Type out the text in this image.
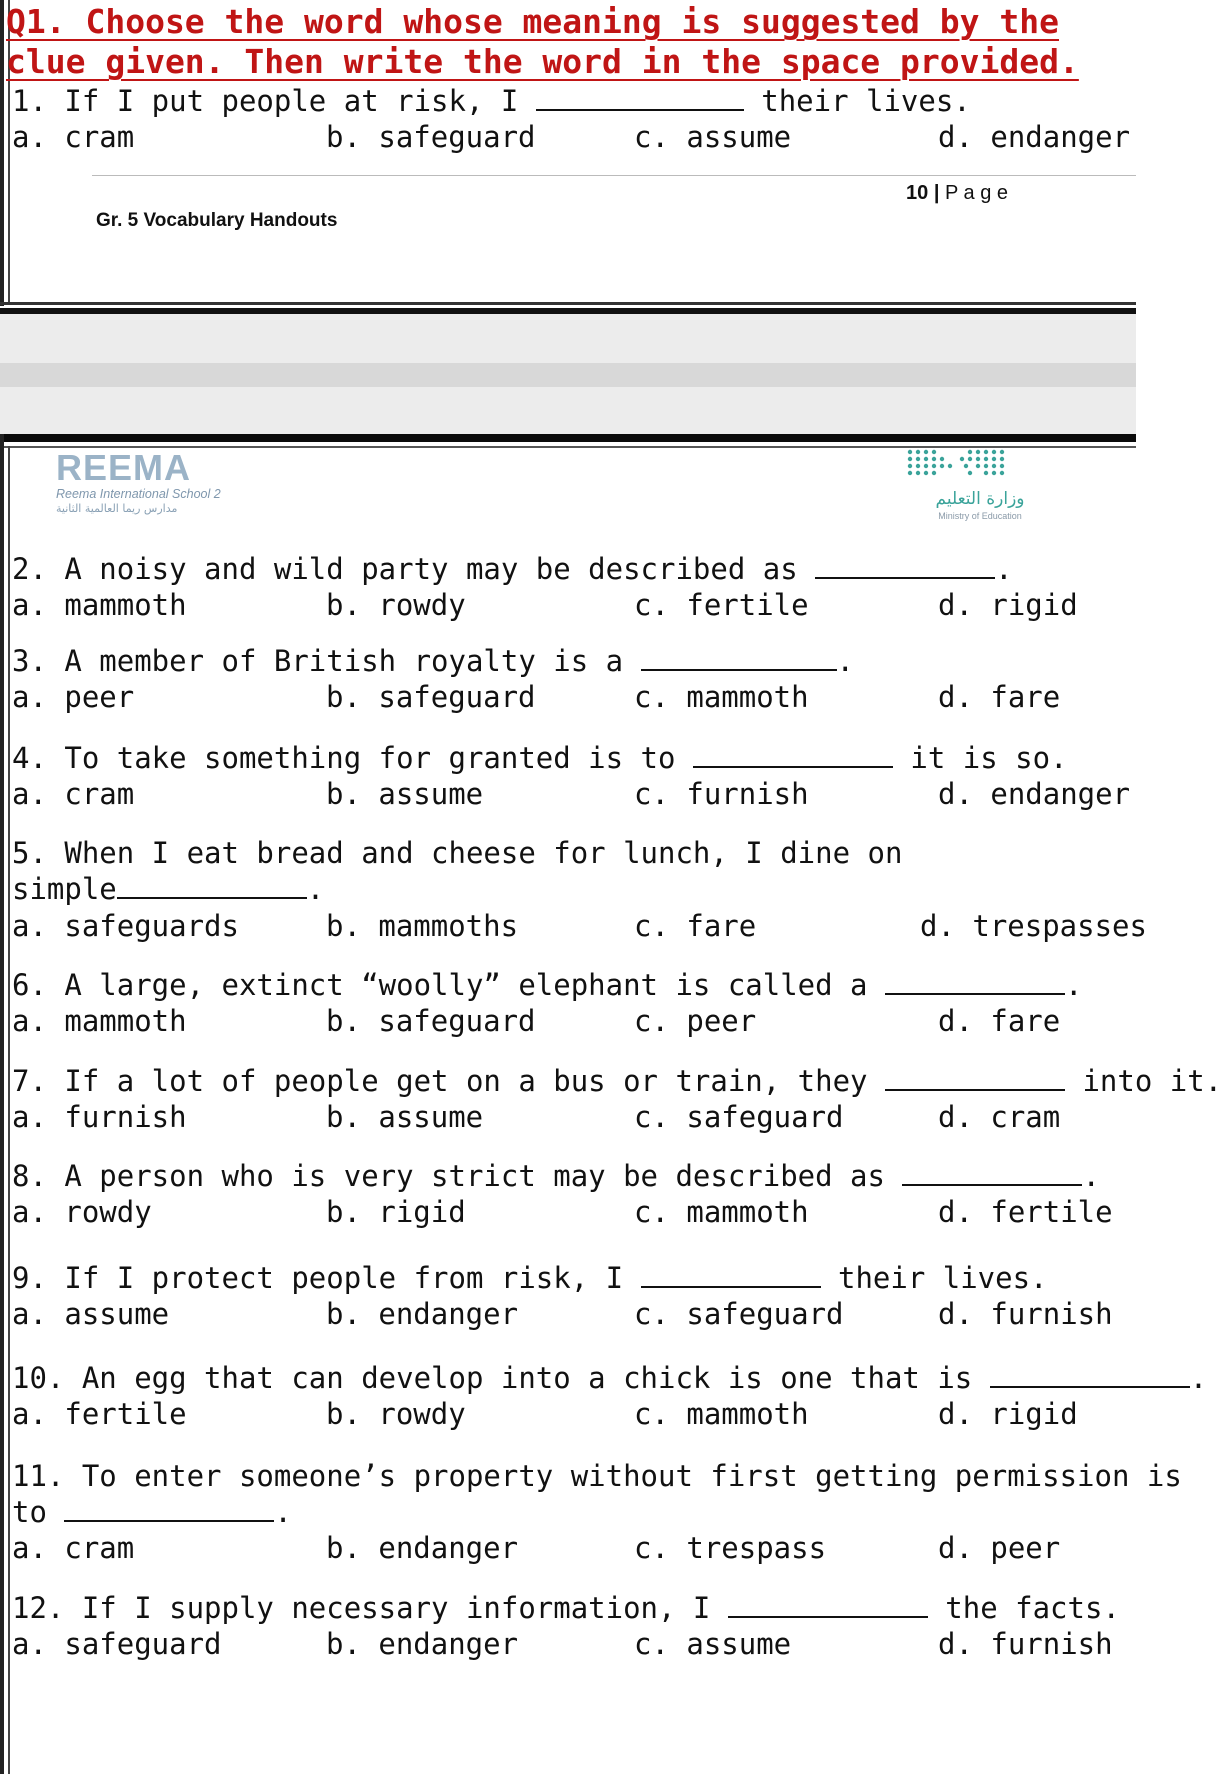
Q1. Choose the word whose meaning is suggested by the
clue given. Then write the word in the space provided.
1. If I put people at risk, I	their lives.
a. cram	b. safeguard	c. assume	d. endanger
10 | P a g e
Gr. 5 Vocabulary Handouts
REEMA
Reema International School 2
مدارس ريما العالمية الثانية	وزارة التعليم
Ministry of Education
2. A noisy and wild party may be described as	.
a. mammoth	b. rowdy	c. fertile	d. rigid
3. A member of British royalty is a	.
a. peer	b. safeguard	c. mammoth	d. fare
4. To take something for granted is to	it is so.
a. cram	b. assume	c. furnish	d. endanger
5. When I eat bread and cheese for lunch, I dine on
simple	.
a. safeguards	b. mammoths	c. fare	d. trespasses
6. A large, extinct “woolly” elephant is called a	.
a. mammoth	b. safeguard	c. peer	d. fare
7. If a lot of people get on a bus or train, they	into it.
a. furnish	b. assume	c. safeguard	d. cram
8. A person who is very strict may be described as	.
a. rowdy	b. rigid	c. mammoth	d. fertile
9. If I protect people from risk, I	their lives.
a. assume	b. endanger	c. safeguard	d. furnish
10. An egg that can develop into a chick is one that is	.
a. fertile	b. rowdy	c. mammoth	d. rigid
11. To enter someone’s property without first getting permission is
to	.
a. cram	b. endanger	c. trespass	d. peer
12. If I supply necessary information, I	the facts.
a. safeguard	b. endanger	c. assume	d. furnish
